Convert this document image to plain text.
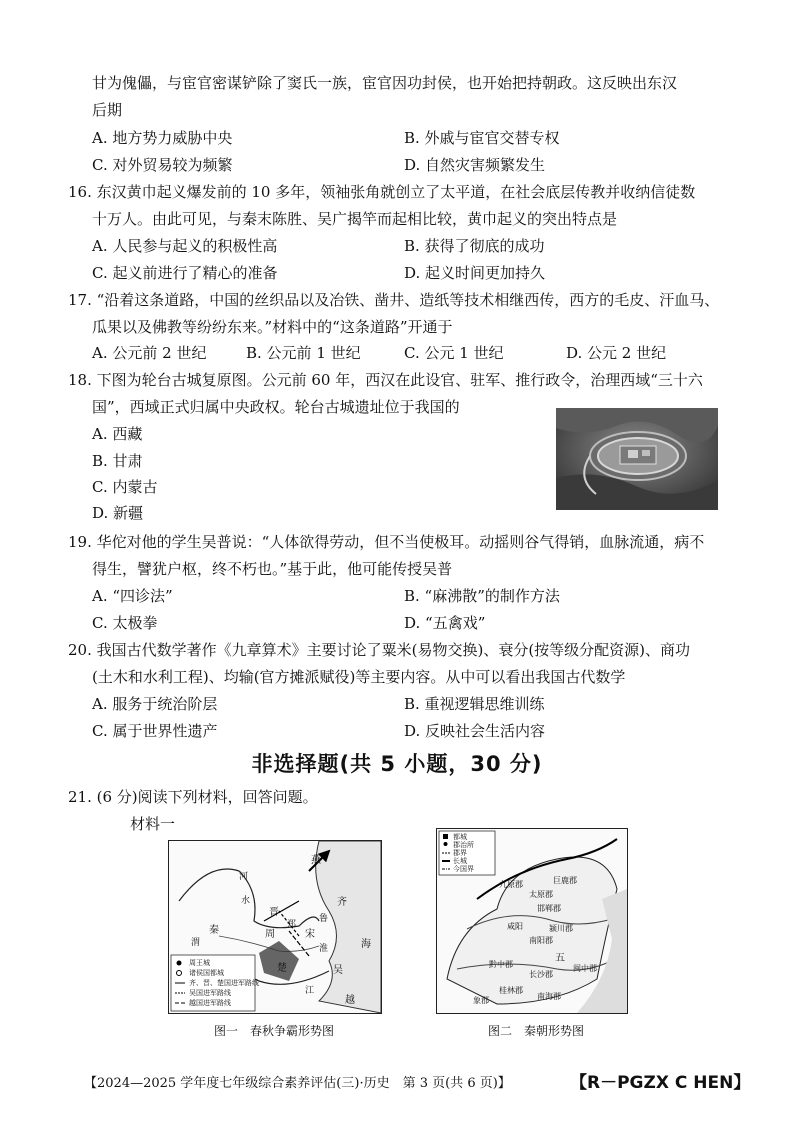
甘为傀儡，与宦官密谋铲除了窦氏一族，宦官因功封侯，也开始把持朝政。这反映出东汉
后期
A. 地方势力威胁中央	B. 外戚与宦官交替专权
C. 对外贸易较为频繁	D. 自然灾害频繁发生
16. 东汉黄巾起义爆发前的 10 多年，领袖张角就创立了太平道，在社会底层传教并收纳信徒数
十万人。由此可见，与秦末陈胜、吴广揭竿而起相比较，黄巾起义的突出特点是
A. 人民参与起义的积极性高	B. 获得了彻底的成功
C. 起义前进行了精心的准备	D. 起义时间更加持久
17. “沿着这条道路，中国的丝织品以及冶铁、凿井、造纸等技术相继西传，西方的毛皮、汗血马、
瓜果以及佛教等纷纷东来。”材料中的“这条道路”开通于
A. 公元前 2 世纪	B. 公元前 1 世纪	C. 公元 1 世纪	D. 公元 2 世纪
18. 下图为轮台古城复原图。公元前 60 年，西汉在此设官、驻军、推行政令，治理西域“三十六
国”，西域正式归属中央政权。轮台古城遗址位于我国的
A. 西藏
B. 甘肃
C. 内蒙古
D. 新疆
19. 华佗对他的学生吴普说：“人体欲得劳动，但不当使极耳。动摇则谷气得销，血脉流通，病不
得生，譬犹户枢，终不朽也。”基于此，他可能传授吴普
A. “四诊法”	B. “麻沸散”的制作方法
C. 太极拳	D. “五禽戏”
20. 我国古代数学著作《九章算术》主要讨论了粟米(易物交换)、衰分(按等级分配资源)、商功
(土木和水利工程)、均输(官方摊派赋役)等主要内容。从中可以看出我国古代数学
A. 服务于统治阶层	B. 重视逻辑思维训练
C. 属于世界性遗产	D. 反映社会生活内容
非选择题(共 5 小题，30 分)
21. (6 分)阅读下列材料，回答问题。
材料一
燕
晋
齐
秦	周	宋
楚	吴
越
鲁
郑
河
水
渭
江
淮	海
周王城
诸侯国都城
齐、晋、楚国进军路线
吴国进军路线
越国进军路线
图一　春秋争霸形势图
都城
郡治所
郡界
长城
今国界
九原郡
太原郡
邯郸郡
巨鹿郡
颍川郡
南阳郡
黔中郡
长沙郡
闽中郡
南海郡
桂林郡
象郡
咸阳
五
图二　秦朝形势图
【2024—2025 学年度七年级综合素养评估(三)·历史　第 3 页(共 6 页)】	【R－PGZX C HEN】
